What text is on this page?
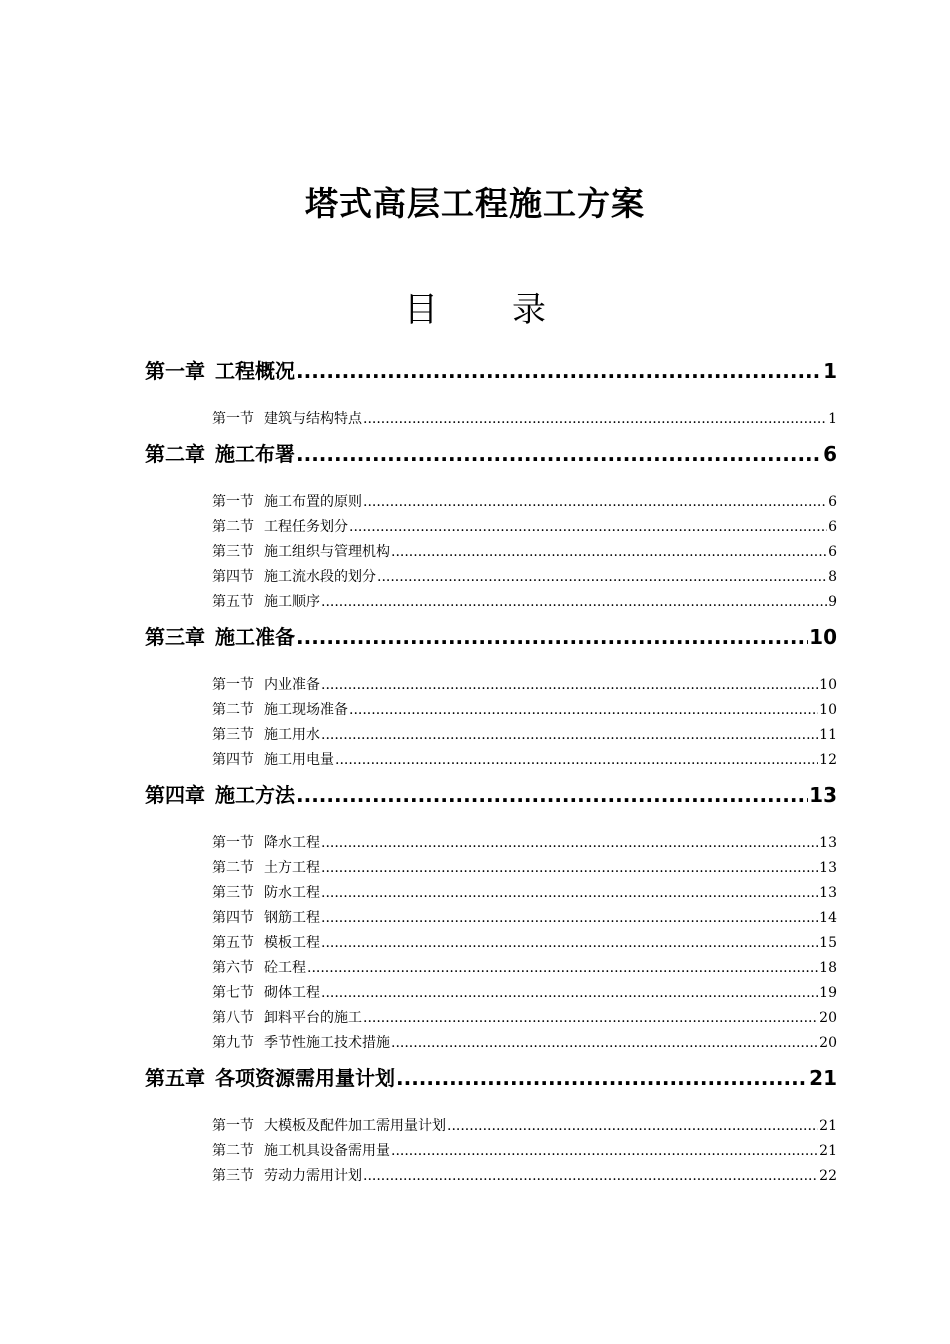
塔式高层工程施工方案
目 录
第一章 工程概况 .....	1
第一节 建筑与结构特点 .....	1
第二章 施工布署 .....	6
第一节 施工布置的原则 .....	6
第二节 工程任务划分 .....	6
第三节 施工组织与管理机构 .....	6
第四节 施工流水段的划分 .....	8
第五节 施工顺序 .....	9
第三章 施工准备 .....	10
第一节 内业准备 .....	10
第二节 施工现场准备 .....	10
第三节 施工用水 .....	11
第四节 施工用电量 .....	12
第四章 施工方法 .....	13
第一节 降水工程 .....	13
第二节 土方工程 .....	13
第三节 防水工程 .....	13
第四节 钢筋工程 .....	14
第五节 模板工程 .....	15
第六节 砼工程 .....	18
第七节 砌体工程 .....	19
第八节 卸料平台的施工 .....	20
第九节 季节性施工技术措施 .....	20
第五章 各项资源需用量计划 .....	21
第一节 大模板及配件加工需用量计划 .....	21
第二节 施工机具设备需用量 .....	21
第三节 劳动力需用计划 .....	22
